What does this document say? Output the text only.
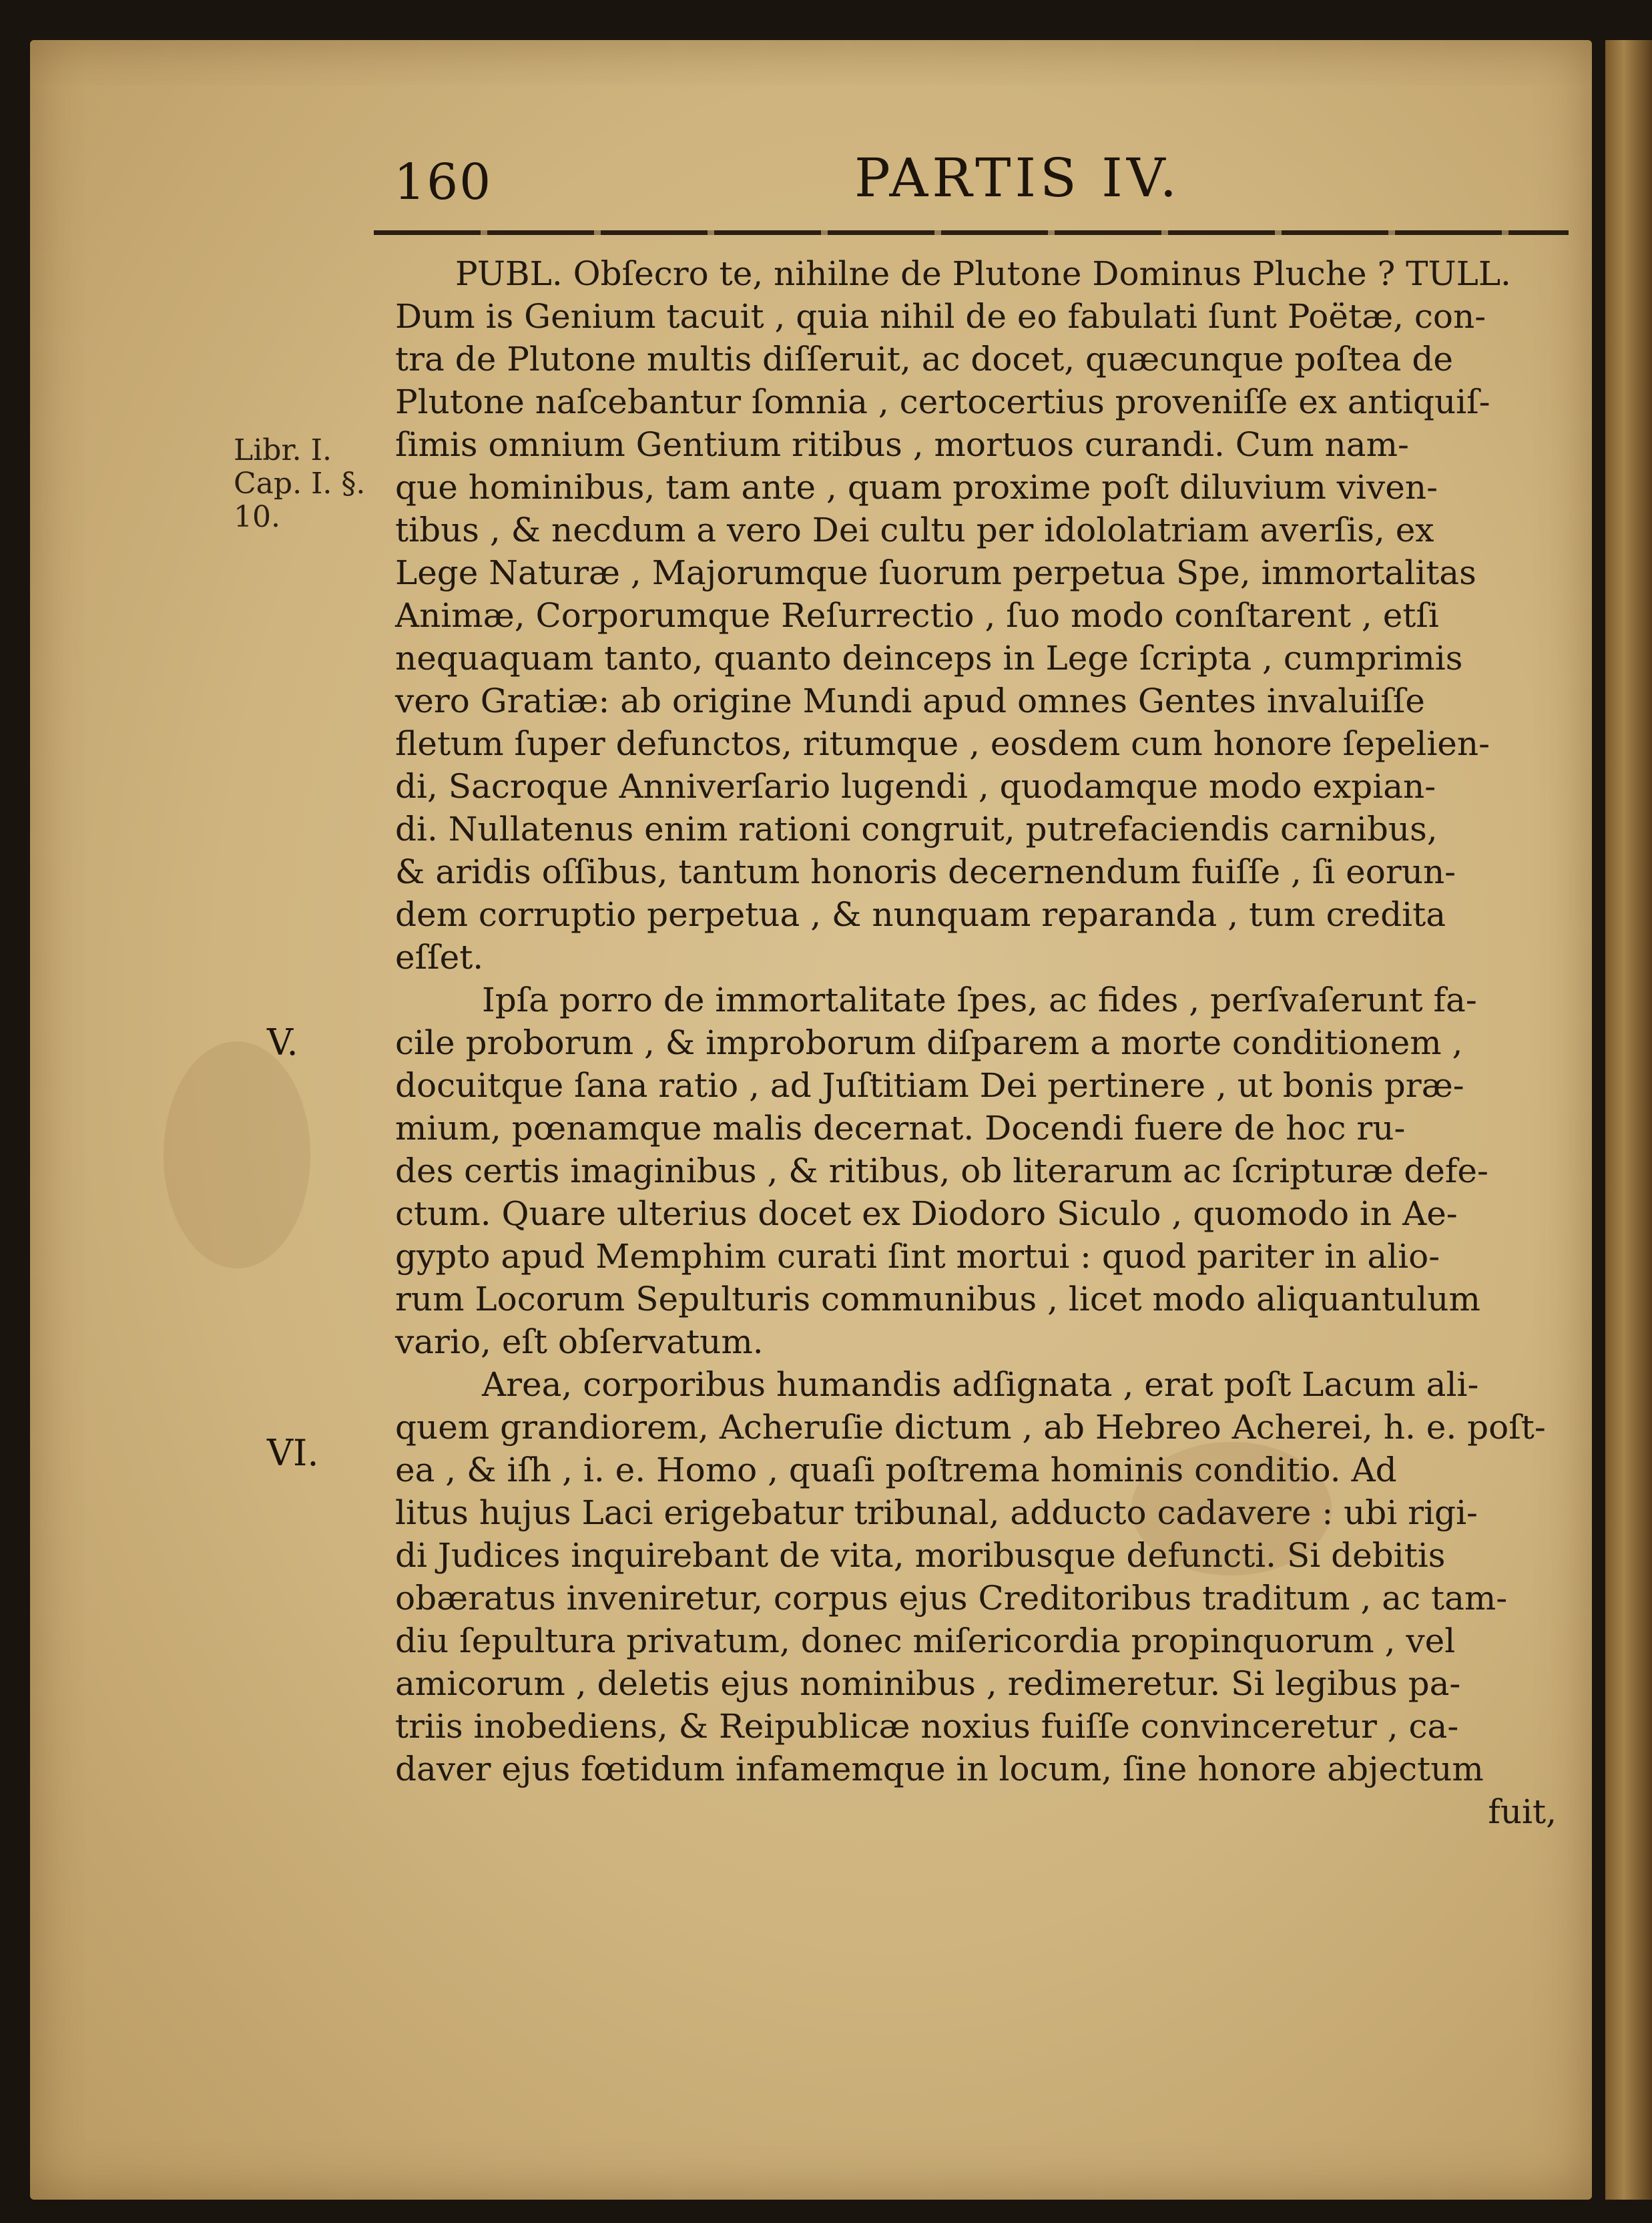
160	PARTIS IV.
Libr. I.
Cap. I. §.
10.
V.
VI.
PUBL. Obſecro te, nihilne de Plutone Dominus Pluche ? TULL.
Dum is Genium tacuit , quia nihil de eo fabulati ſunt Poëtæ, con-
tra de Plutone multis diſſeruit, ac docet, quæcunque poſtea de
Plutone naſcebantur ſomnia , certocertius proveniſſe ex antiquiſ-
ſimis omnium Gentium ritibus , mortuos curandi. Cum nam-
que hominibus, tam ante , quam proxime poſt diluvium viven-
tibus , & necdum a vero Dei cultu per idololatriam averſis, ex
Lege Naturæ , Majorumque ſuorum perpetua Spe, immortalitas
Animæ, Corporumque Reſurrectio , ſuo modo conſtarent , etſi
nequaquam tanto, quanto deinceps in Lege ſcripta , cumprimis
vero Gratiæ: ab origine Mundi apud omnes Gentes invaluiſſe
fletum ſuper defunctos, ritumque , eosdem cum honore ſepelien-
di, Sacroque Anniverſario lugendi , quodamque modo expian-
di. Nullatenus enim rationi congruit, putrefaciendis carnibus,
& aridis oſſibus, tantum honoris decernendum fuiſſe , ſi eorun-
dem corruptio perpetua , & nunquam reparanda , tum credita
eſſet.
Ipſa porro de immortalitate ſpes, ac fides , perſvaſerunt fa-
cile proborum , & improborum diſparem a morte conditionem ,
docuitque ſana ratio , ad Juſtitiam Dei pertinere , ut bonis præ-
mium, pœnamque malis decernat. Docendi fuere de hoc ru-
des certis imaginibus , & ritibus, ob literarum ac ſcripturæ defe-
ctum. Quare ulterius docet ex Diodoro Siculo , quomodo in Ae-
gypto apud Memphim curati ſint mortui : quod pariter in alio-
rum Locorum Sepulturis communibus , licet modo aliquantulum
vario, eſt obſervatum.
Area, corporibus humandis adſignata , erat poſt Lacum ali-
quem grandiorem, Acheruſie dictum , ab Hebreo Acherei, h. e. poſt-
ea , & iſh , i. e. Homo , quaſi poſtrema hominis conditio. Ad
litus hujus Laci erigebatur tribunal, adducto cadavere : ubi rigi-
di Judices inquirebant de vita, moribusque defuncti. Si debitis
obæratus inveniretur, corpus ejus Creditoribus traditum , ac tam-
diu ſepultura privatum, donec miſericordia propinquorum , vel
amicorum , deletis ejus nominibus , redimeretur. Si legibus pa-
triis inobediens, & Reipublicæ noxius fuiſſe convinceretur , ca-
daver ejus fœtidum infamemque in locum, ſine honore abjectum
fuit,
